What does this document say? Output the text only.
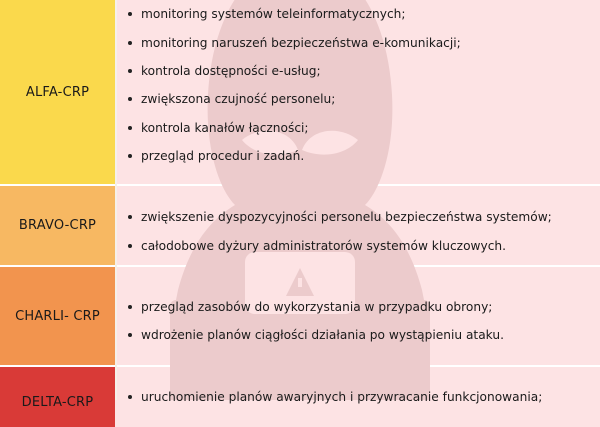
ALFA-CRP
BRAVO-CRP
CHARLI- CRP
DELTA-CRP
monitoring systemów teleinformatycznych;
monitoring naruszeń bezpieczeństwa e-komunikacji;
kontrola dostępności e-usług;
zwiększona czujność personelu;
kontrola kanałów łączności;
przegląd procedur i zadań.
zwiększenie dyspozycyjności personelu bezpieczeństwa systemów;
całodobowe dyżury administratorów systemów kluczowych.
przegląd zasobów do wykorzystania w przypadku obrony;
wdrożenie planów ciągłości działania po wystąpieniu ataku.
uruchomienie planów awaryjnych i przywracanie funkcjonowania;
